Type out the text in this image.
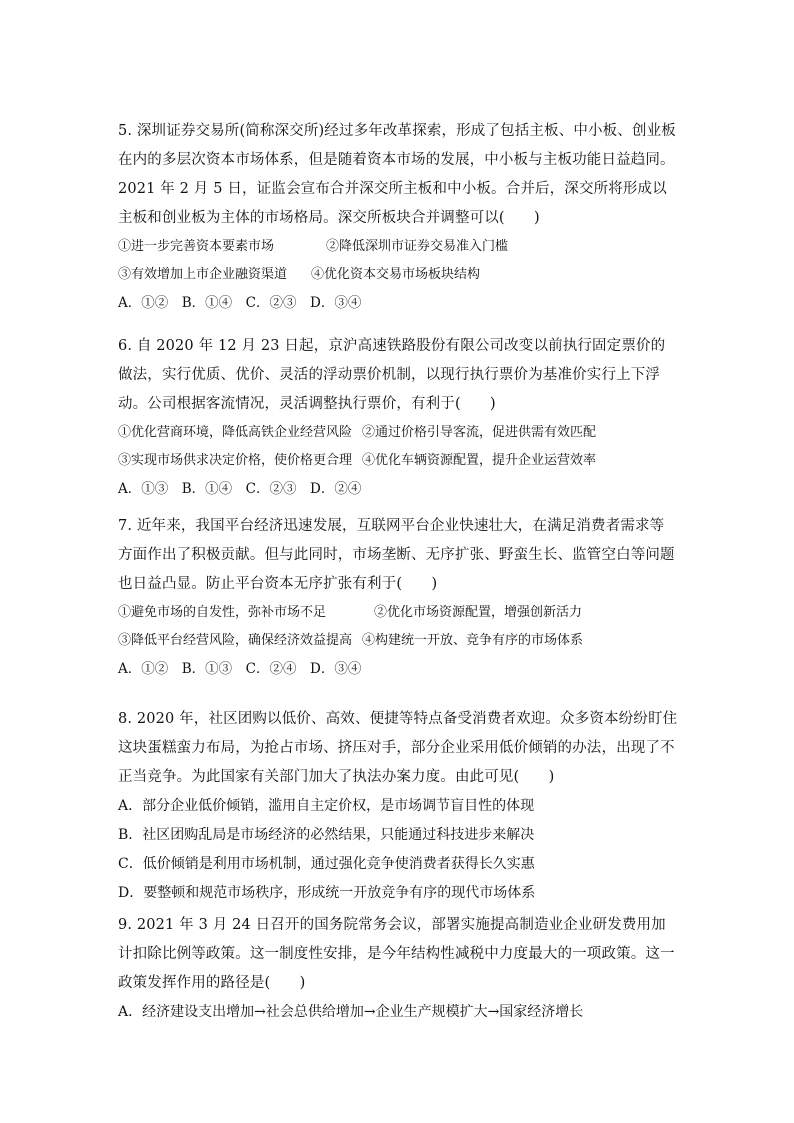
5. 深圳证券交易所(简称深交所)经过多年改革探索，形成了包括主板、中小板、创业板在内的多层次资本市场体系，但是随着资本市场的发展，中小板与主板功能日益趋同。2021 年 2 月 5 日，证监会宣布合并深交所主板和中小板。合并后，深交所将形成以主板和创业板为主体的市场格局。深交所板块合并调整可以(　　)

①进一步完善资本要素市场	②降低深圳市证券交易准入门槛
③有效增加上市企业融资渠道 ④优化资本交易市场板块结构

A．①②　B．①④　C．②③　D．③④

6. 自 2020 年 12 月 23 日起，京沪高速铁路股份有限公司改变以前执行固定票价的做法，实行优质、优价、灵活的浮动票价机制，以现行执行票价为基准价实行上下浮动。公司根据客流情况，灵活调整执行票价，有利于(　　)

①优化营商环境，降低高铁企业经营风险 ②通过价格引导客流，促进供需有效匹配
③实现市场供求决定价格，使价格更合理 ④优化车辆资源配置，提升企业运营效率

A．①③　B．①④　C．②③　D．②④

7. 近年来，我国平台经济迅速发展，互联网平台企业快速壮大，在满足消费者需求等方面作出了积极贡献。但与此同时，市场垄断、无序扩张、野蛮生长、监管空白等问题也日益凸显。防止平台资本无序扩张有利于(　　)

①避免市场的自发性，弥补市场不足	②优化市场资源配置，增强创新活力
③降低平台经营风险，确保经济效益提高 ④构建统一开放、竞争有序的市场体系

A．①②　B．①③　C．②④　D．③④

8. 2020 年，社区团购以低价、高效、便捷等特点备受消费者欢迎。众多资本纷纷盯住这块蛋糕蛮力布局，为抢占市场、挤压对手，部分企业采用低价倾销的办法，出现了不正当竞争。为此国家有关部门加大了执法办案力度。由此可见(　　)

A．部分企业低价倾销，滥用自主定价权，是市场调节盲目性的体现

B．社区团购乱局是市场经济的必然结果，只能通过科技进步来解决

C．低价倾销是利用市场机制，通过强化竞争使消费者获得长久实惠

D．要整顿和规范市场秩序，形成统一开放竞争有序的现代市场体系

9. 2021 年 3 月 24 日召开的国务院常务会议，部署实施提高制造业企业研发费用加计扣除比例等政策。这一制度性安排，是今年结构性减税中力度最大的一项政策。这一政策发挥作用的路径是(　　)

A．经济建设支出增加→社会总供给增加→企业生产规模扩大→国家经济增长
